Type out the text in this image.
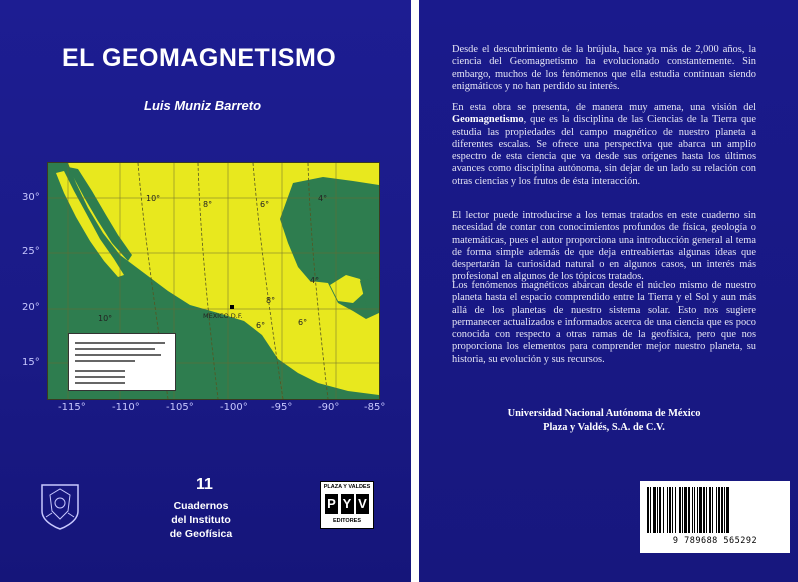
EL GEOMAGNETISMO
Luis Muniz Barreto
30°
25°
20°
15°
10°
8°	6°
4°
10°
6°
8°
6°
4°
MEXICO D.F.
-115°	-110°	-105°	-100° -95°	-90° -85°
11
Cuadernos
del Instituto
de Geofísica
PLAZA Y VALDES
P Y V
EDITORES
Desde el descubrimiento de la brújula, hace ya más de 2,000 años, la ciencia del Geomagnetismo ha evolucionado constantemente. Sin embargo, muchos de los fenómenos que ella estudia continuan siendo enigmáticos y no han perdido su interés.
En esta obra se presenta, de manera muy amena, una visión del Geomagnetismo, que es la disciplina de las Ciencias de la Tierra que estudia las propiedades del campo magnético de nuestro planeta a diferentes escalas. Se ofrece una perspectiva que abarca un amplio espectro de esta ciencia que va desde sus orígenes hasta los últimos avances como disciplina autónoma, sin dejar de un lado su relación con otras ciencias y los frutos de ésta interacción.
El lector puede introducirse a los temas tratados en este cuaderno sin necesidad de contar con conocimientos profundos de física, geología o matemáticas, pues el autor proporciona una introducción general al tema de forma simple además de que deja entreabiertas algunas ideas que despertarán la curiosidad natural o en algunos casos, un interés más profesional en algunos de los tópicos tratados.
Los fenómenos magnéticos abarcan desde el núcleo mismo de nuestro planeta hasta el espacio comprendido entre la Tierra y el Sol y aun más allá de los planetas de nuestro sistema solar. Esto nos sugiere permanecer actualizados e informados acerca de una ciencia que es poco conocida con respecto a otras ramas de la geofísica, pero que nos proporciona los elementos para comprender mejor nuestro planeta, su historia, su evolución y sus recursos.
Universidad Nacional Autónoma de México
Plaza y Valdés, S.A. de C.V.
9 789688 565292
